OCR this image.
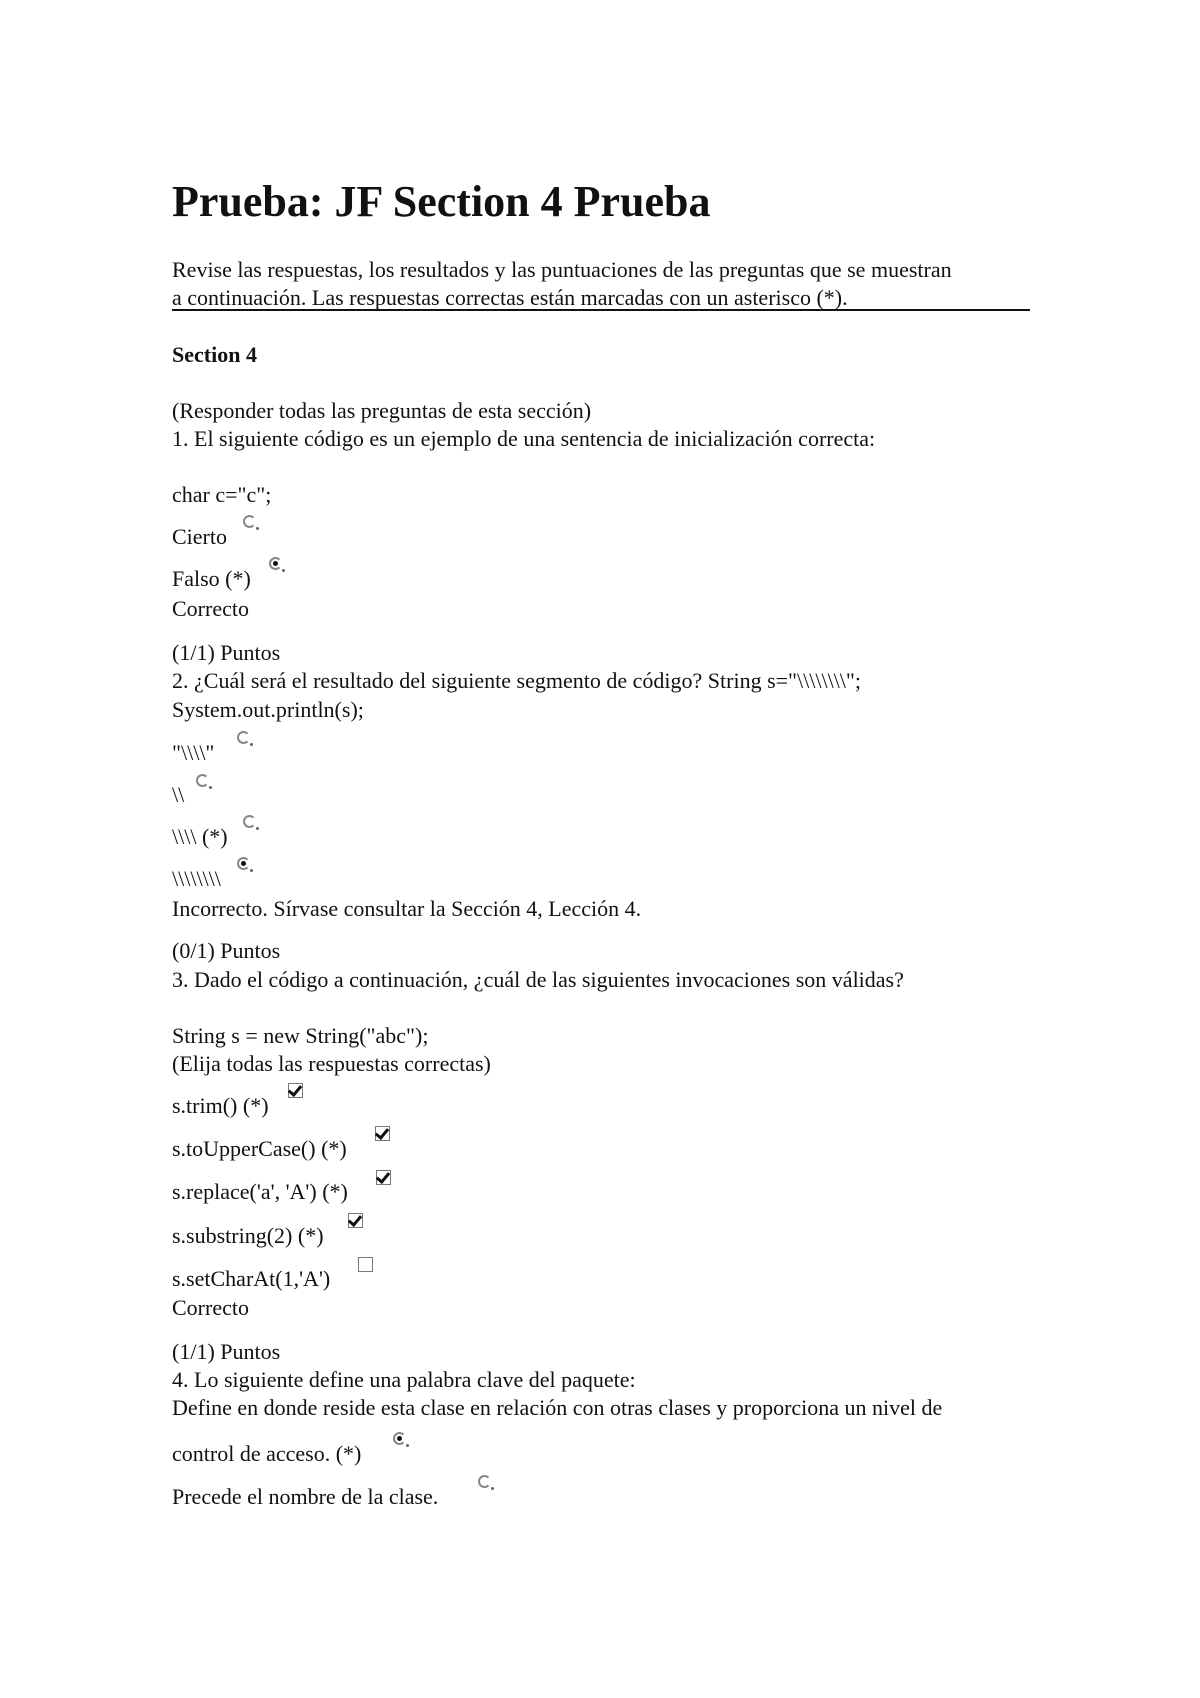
Prueba: JF Section 4 Prueba
Revise las respuestas, los resultados y las puntuaciones de las preguntas que se muestran
a continuación. Las respuestas correctas están marcadas con un asterisco (*).
Section 4
(Responder todas las preguntas de esta sección)
1. El siguiente código es un ejemplo de una sentencia de inicialización correcta:
char c="c";
Cierto
Falso (*)
Correcto
(1/1) Puntos
2. ¿Cuál será el resultado del siguiente segmento de código? String s="\\\\\\\\";
System.out.println(s);
"\\\\"
\\
\\\\ (*)
\\\\\\\\
Incorrecto. Sírvase consultar la Sección 4, Lección 4.
(0/1) Puntos
3. Dado el código a continuación, ¿cuál de las siguientes invocaciones son válidas?
String s = new String("abc");
(Elija todas las respuestas correctas)
s.trim() (*)
s.toUpperCase() (*)
s.replace('a', 'A') (*)
s.substring(2) (*)
s.setCharAt(1,'A')
Correcto
(1/1) Puntos
4. Lo siguiente define una palabra clave del paquete:
Define en donde reside esta clase en relación con otras clases y proporciona un nivel de
control de acceso. (*)
Precede el nombre de la clase.
